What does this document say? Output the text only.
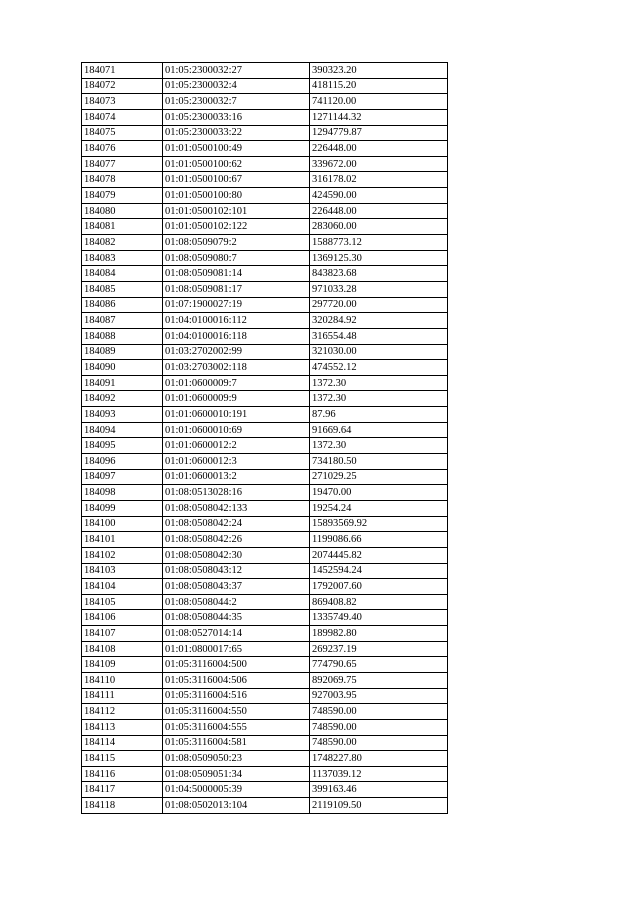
184071	01:05:2300032:27	390323.20
184072	01:05:2300032:4	418115.20
184073	01:05:2300032:7	741120.00
184074	01:05:2300033:16	1271144.32
184075	01:05:2300033:22	1294779.87
184076	01:01:0500100:49	226448.00
184077	01:01:0500100:62	339672.00
184078	01:01:0500100:67	316178.02
184079	01:01:0500100:80	424590.00
184080	01:01:0500102:101	226448.00
184081	01:01:0500102:122	283060.00
184082	01:08:0509079:2	1588773.12
184083	01:08:0509080:7	1369125.30
184084	01:08:0509081:14	843823.68
184085	01:08:0509081:17	971033.28
184086	01:07:1900027:19	297720.00
184087	01:04:0100016:112	320284.92
184088	01:04:0100016:118	316554.48
184089	01:03:2702002:99	321030.00
184090	01:03:2703002:118	474552.12
184091	01:01:0600009:7	1372.30
184092	01:01:0600009:9	1372.30
184093	01:01:0600010:191	87.96
184094	01:01:0600010:69	91669.64
184095	01:01:0600012:2	1372.30
184096	01:01:0600012:3	734180.50
184097	01:01:0600013:2	271029.25
184098	01:08:0513028:16	19470.00
184099	01:08:0508042:133	19254.24
184100	01:08:0508042:24	15893569.92
184101	01:08:0508042:26	1199086.66
184102	01:08:0508042:30	2074445.82
184103	01:08:0508043:12	1452594.24
184104	01:08:0508043:37	1792007.60
184105	01:08:0508044:2	869408.82
184106	01:08:0508044:35	1335749.40
184107	01:08:0527014:14	189982.80
184108	01:01:0800017:65	269237.19
184109	01:05:3116004:500	774790.65
184110	01:05:3116004:506	892069.75
184111	01:05:3116004:516	927003.95
184112	01:05:3116004:550	748590.00
184113	01:05:3116004:555	748590.00
184114	01:05:3116004:581	748590.00
184115	01:08:0509050:23	1748227.80
184116	01:08:0509051:34	1137039.12
184117	01:04:5000005:39	399163.46
184118	01:08:0502013:104	2119109.50
